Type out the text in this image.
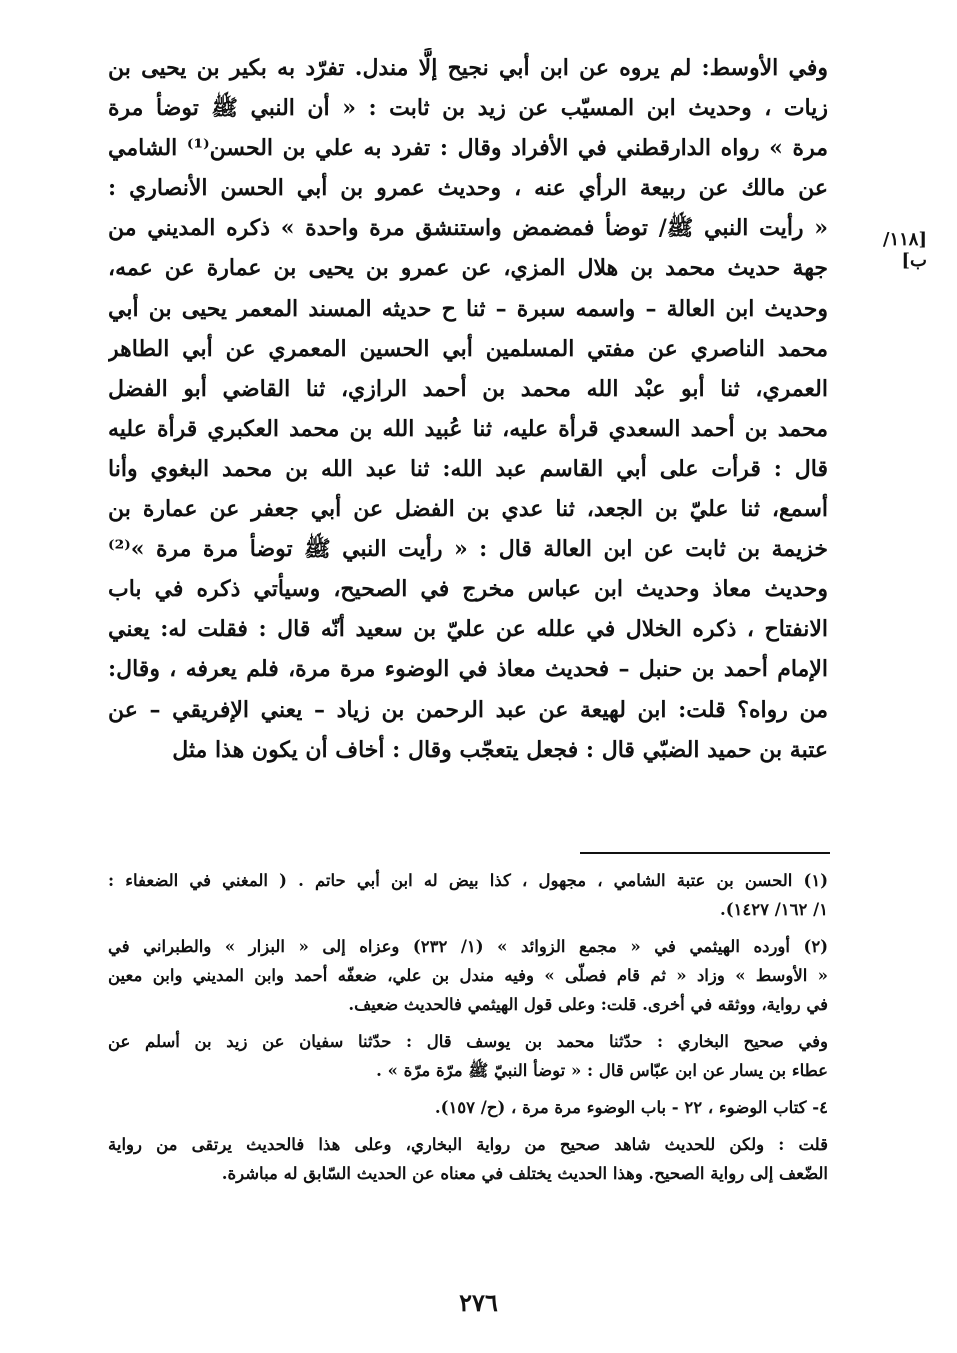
[١١٨/ ب]
وفي الأوسط: لم يروه عن ابن أبي نجيح إلَّا مندل. تفرّد به بكير بن يحيى بن
زيات ، وحديث ابن المسيّب عن زيد بن ثابت : « أن النبي ﷺ توضأ مرة
مرة » رواه الدارقطني في الأفراد وقال : تفرد به علي بن الحسن⁽¹⁾ الشامي
عن مالك عن ربيعة الرأي عنه ، وحديث عمرو بن أبي الحسن الأنصاري :
« رأيت النبي ﷺ/ توضأ فمضمض واستنشق مرة واحدة » ذكره المديني من
جهة حديث محمد بن هلال المزي، عن عمرو بن يحيى بن عمارة عن عمه،
وحديث ابن العالة – واسمه سبرة – ثنا ح حديثه المسند المعمر يحيى بن أبي
محمد الناصري عن مفتي المسلمين أبي الحسين المعمري عن أبي الطاهر
العمري، ثنا أبو عبْد الله محمد بن أحمد الرازي، ثنا القاضي أبو الفضل
محمد بن أحمد السعدي قرأة عليه، ثنا عُبيد الله بن محمد العكبري قرأة عليه
قال : قرأت على أبي القاسم عبد الله: ثنا عبد الله بن محمد البغوي وأنا
أسمع، ثنا عليّ بن الجعد، ثنا عدي بن الفضل عن أبي جعفر عن عمارة بن
خزيمة بن ثابت عن ابن العالة قال : « رأيت النبي ﷺ توضأ مرة مرة »⁽²⁾
وحديث معاذ وحديث ابن عباس مخرج في الصحيح، وسيأتي ذكره في باب
الانفتاح ، ذكره الخلال في علله عن عليّ بن سعيد أنّه قال : فقلت له: يعني
الإمام أحمد بن حنبل – فحديث معاذ في الوضوء مرة مرة، فلم يعرفه ، وقال:
من رواه؟ قلت: ابن لهيعة عن عبد الرحمن بن زياد – يعني الإفريقي – عن
عتبة بن حميد الضبّي قال : فجعل يتعجّب وقال : أخاف أن يكون هذا مثل
(١) الحسن بن عتبة الشامي ، مجهول ، كذا بيض له ابن أبي حاتم . ( المغني في الضعفاء :
١/ ١٦٢/ ١٤٢٧).
(٢) أورده الهيثمي في « مجمع الزوائد » (١/ ٢٣٢) وعزاه إلى « البزار » والطبراني في
« الأوسط » وزاد « ثم قام فصلّى » وفيه مندل بن علي، ضعفّه أحمد وابن المديني وابن معين
في رواية، ووثقه في أخرى. قلت: وعلى قول الهيثمي فالحديث ضعيف.
وفي صحيح البخاري : حدّثنا محمد بن يوسف قال : حدّثنا سفيان عن زيد بن أسلم عن
عطاء بن يسار عن ابن عبّاس قال : « توضأ النبيّ ﷺ مرّة مرّة » .
٤- كتاب الوضوء ، ٢٢ - باب الوضوء مرة مرة ، (ح/ ١٥٧).
قلت : ولكن للحديث شاهد صحيح من رواية البخاري، وعلى هذا فالحديث يرتقى من رواية
الضّعف إلى رواية الصحيح. وهذا الحديث يختلف في معناه عن الحديث السّابق له مباشرة.
٢٧٦
